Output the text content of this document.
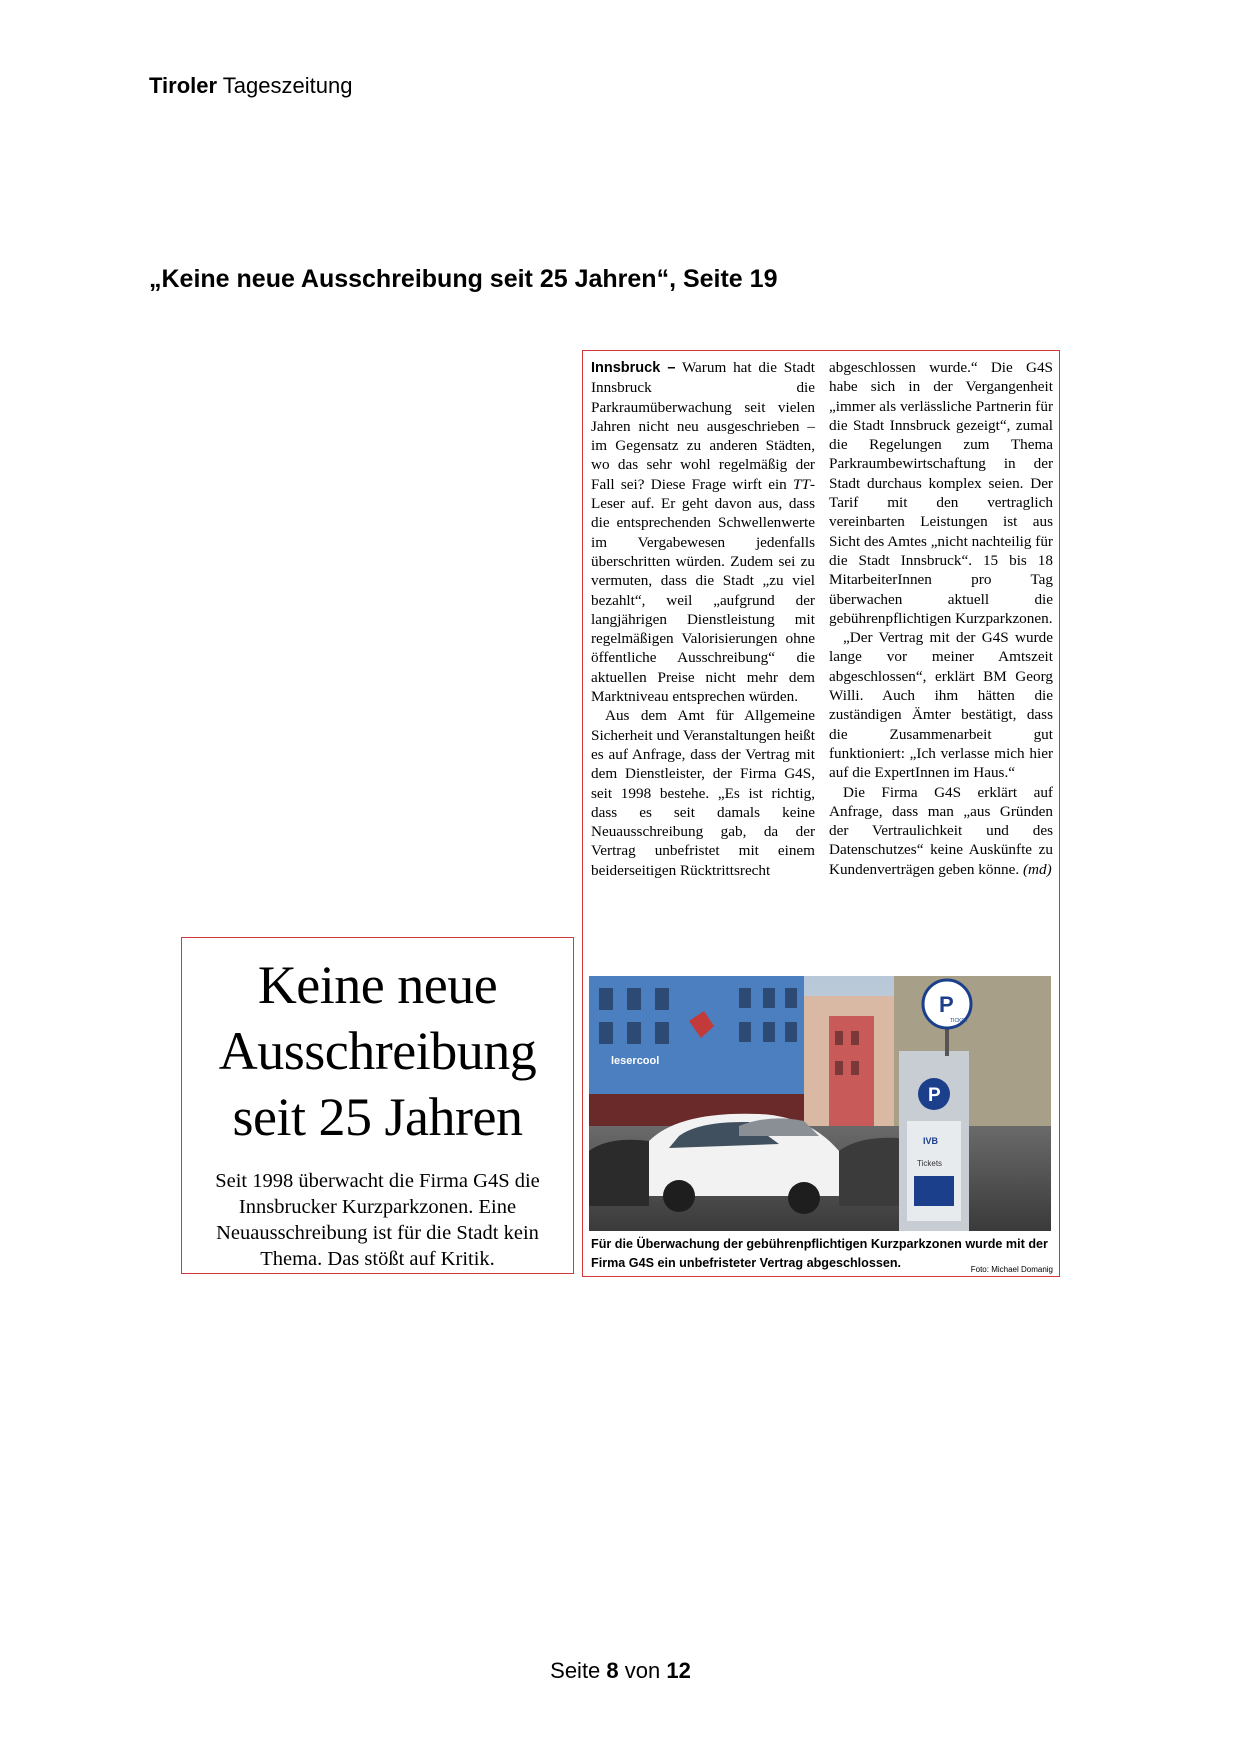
Tiroler Tageszeitung
„Keine neue Ausschreibung seit 25 Jahren“, Seite 19
Keine neue
Ausschreibung
seit 25 Jahren

Seit 1998 überwacht die Firma G4S die Innsbrucker Kurzparkzonen. Eine Neuausschreibung ist für die Stadt kein Thema. Das stößt auf Kritik.

Innsbruck – Warum hat die Stadt Innsbruck die Parkraumüberwachung seit vielen Jahren nicht neu ausgeschrieben – im Gegensatz zu anderen Städten, wo das sehr wohl regelmäßig der Fall sei? Diese Frage wirft ein TT-Leser auf. Er geht davon aus, dass die entsprechenden Schwellenwerte im Vergabewesen jedenfalls überschritten würden. Zudem sei zu vermuten, dass die Stadt „zu viel bezahlt“, weil „aufgrund der langjährigen Dienstleistung mit regelmäßigen Valorisierungen ohne öffentliche Ausschreibung“ die aktuellen Preise nicht mehr dem Marktniveau entsprechen würden.

Aus dem Amt für Allgemeine Sicherheit und Veranstaltungen heißt es auf Anfrage, dass der Vertrag mit dem Dienstleister, der Firma G4S, seit 1998 bestehe. „Es ist richtig, dass es seit damals keine Neuausschreibung gab, da der Vertrag unbefristet mit einem beiderseitigen Rücktrittsrecht

abgeschlossen wurde.“ Die G4S habe sich in der Vergangenheit „immer als verlässliche Partnerin für die Stadt Innsbruck gezeigt“, zumal die Regelungen zum Thema Parkraumbewirtschaftung in der Stadt durchaus komplex seien. Der Tarif mit den vertraglich vereinbarten Leistungen ist aus Sicht des Amtes „nicht nachteilig für die Stadt Innsbruck“. 15 bis 18 MitarbeiterInnen pro Tag überwachen aktuell die gebührenpflichtigen Kurzparkzonen.

„Der Vertrag mit der G4S wurde lange vor meiner Amtszeit abgeschlossen“, erklärt BM Georg Willi. Auch ihm hätten die zuständigen Ämter bestätigt, dass die Zusammenarbeit gut funktioniert: „Ich verlasse mich hier auf die ExpertInnen im Haus.“

Die Firma G4S erklärt auf Anfrage, dass man „aus Gründen der Vertraulichkeit und des Datenschutzes“ keine Auskünfte zu Kundenverträgen geben könne. (md)

lesercool
P
IVB
Tickets
P
TICKET
Für die Überwachung der gebührenpflichtigen Kurzparkzonen wurde mit der Firma G4S ein unbefristeter Vertrag abgeschlossen.	Foto: Michael Domanig
Seite 8 von 12
